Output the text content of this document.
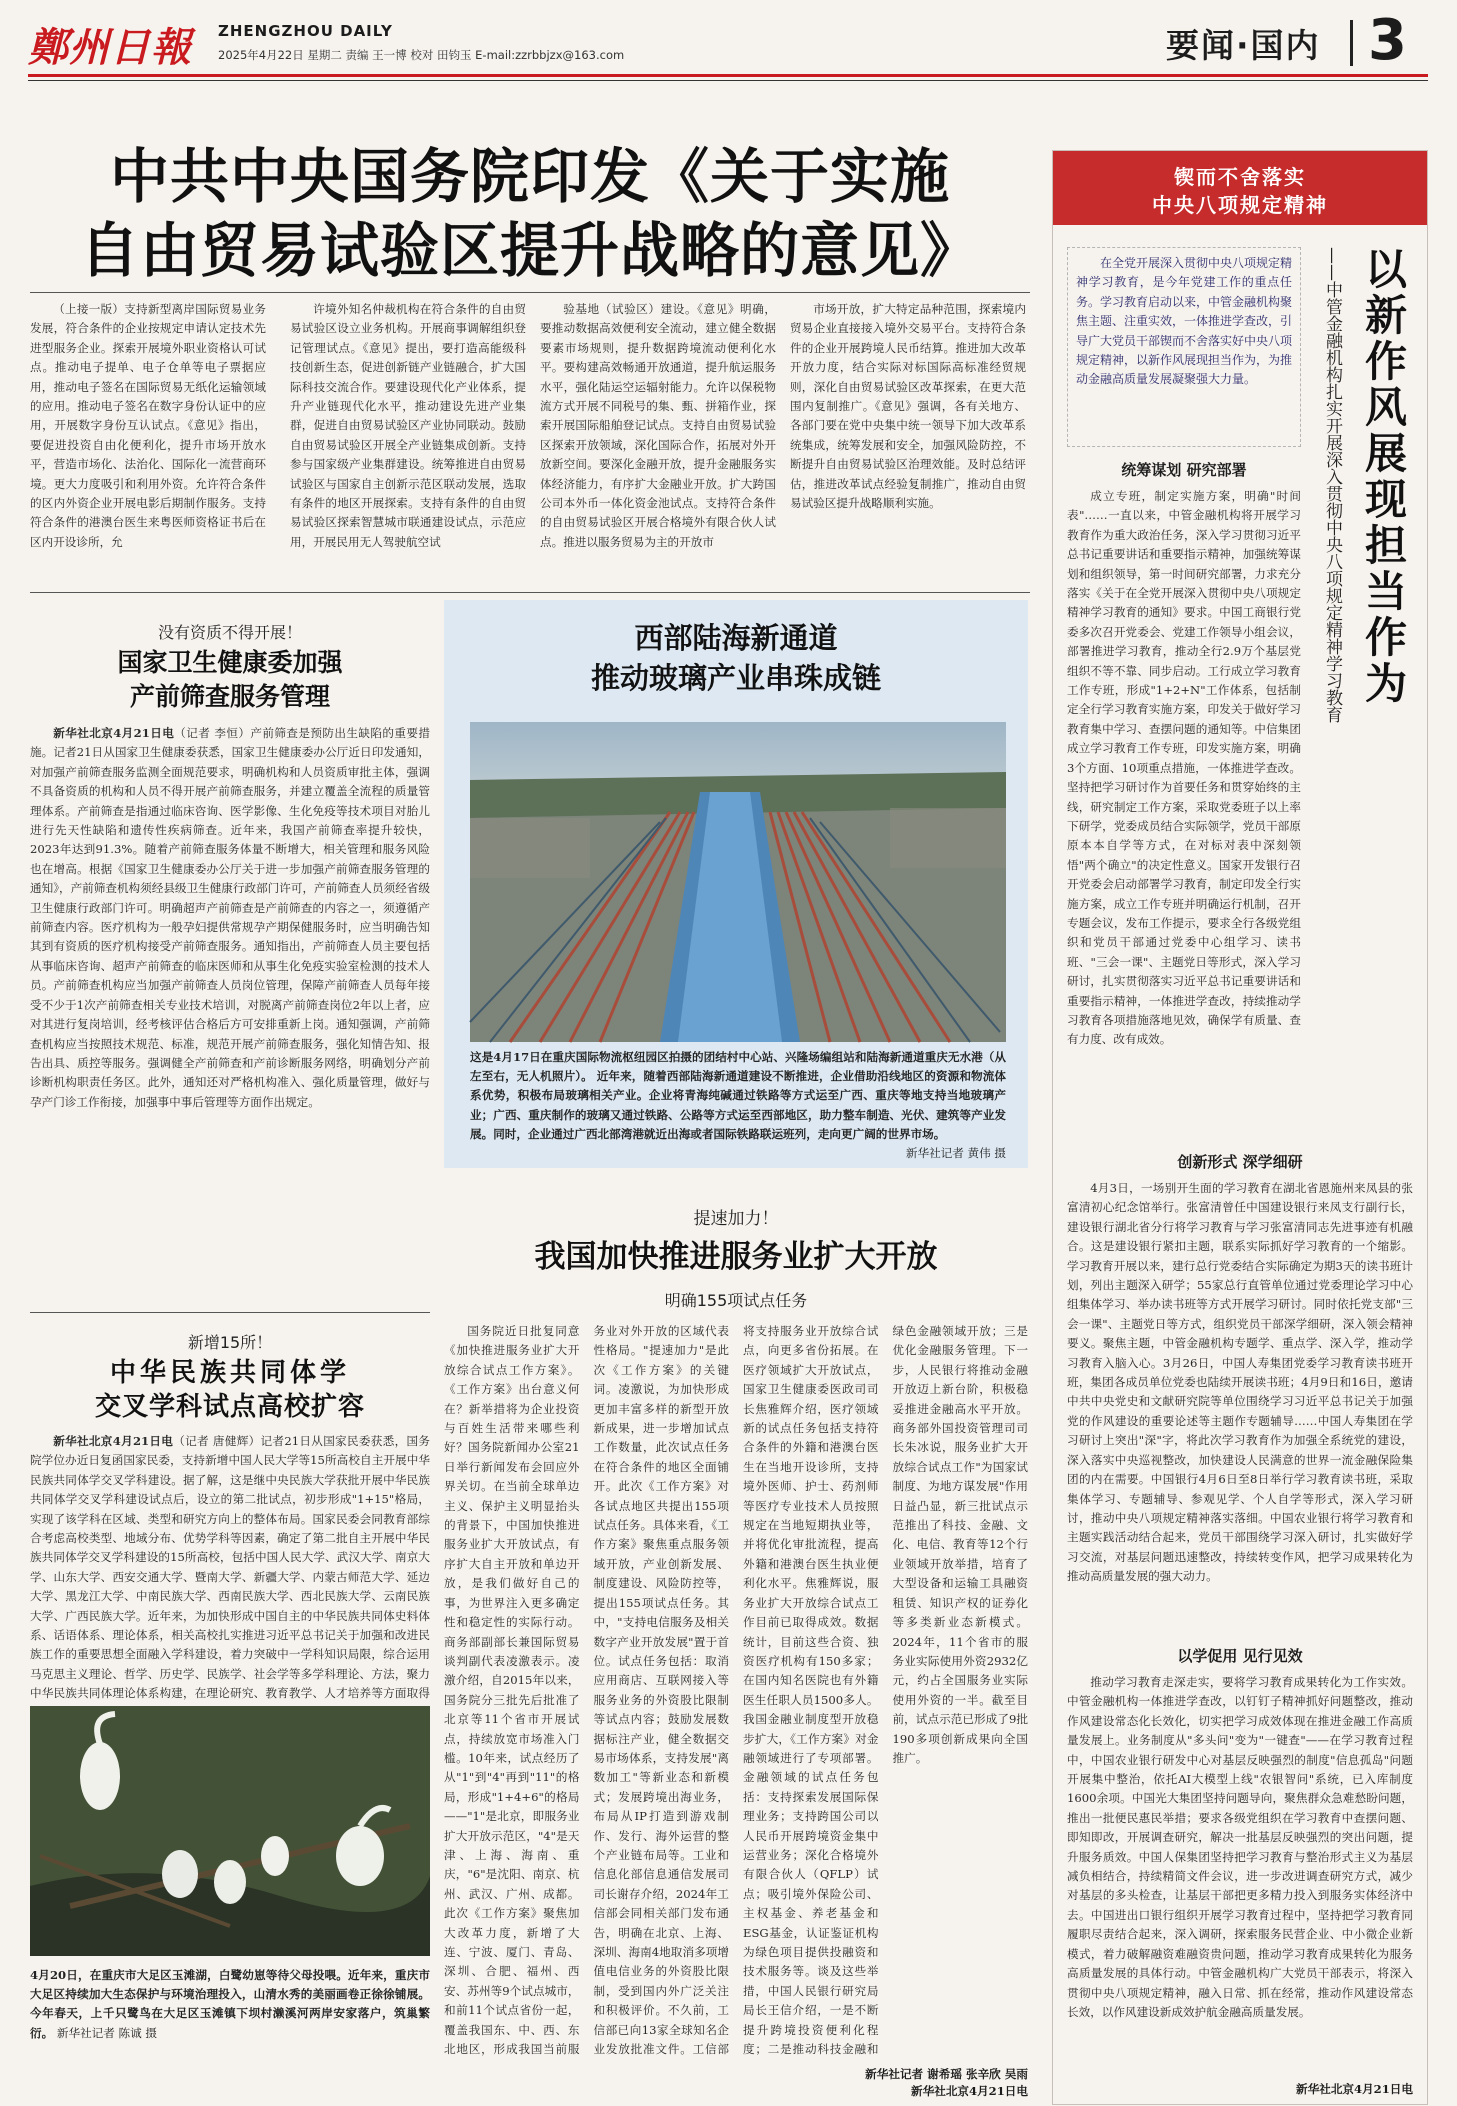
鄭州日報 ZHENGZHOU DAILY
2025年4月22日 星期二 责编 王一博 校对 田钧玉 E-mail:zzrbbjzx@163.com	要闻·国内 3
中共中央国务院印发《关于实施
自由贸易试验区提升战略的意见》
（上接一版）支持新型离岸国际贸易业务发展，符合条件的企业按规定申请认定技术先进型服务企业。探索开展境外职业资格认可试点。推动电子提单、电子仓单等电子票据应用，推动电子签名在国际贸易无纸化运输领域的应用。推动电子签名在数字身份认证中的应用，开展数字身份互认试点。《意见》指出，要促进投资自由化便利化，提升市场开放水平，营造市场化、法治化、国际化一流营商环境。更大力度吸引和利用外资。允许符合条件的区内外资企业开展电影后期制作服务。支持符合条件的港澳台医生来粤医师资格证书后在区内开设诊所，允
许境外知名仲裁机构在符合条件的自由贸易试验区设立业务机构。开展商事调解组织登记管理试点。《意见》提出，要打造高能级科技创新生态，促进创新链产业链融合，扩大国际科技交流合作。要建设现代化产业体系，提升产业链现代化水平，推动建设先进产业集群，促进自由贸易试验区产业协同联动。鼓励自由贸易试验区开展全产业链集成创新。支持参与国家级产业集群建设。统筹推进自由贸易试验区与国家自主创新示范区联动发展，选取有条件的地区开展探索。支持有条件的自由贸易试验区探索智慧城市联通建设试点，示范应用，开展民用无人驾驶航空试
验基地（试验区）建设。《意见》明确，要推动数据高效便利安全流动，建立健全数据要素市场规则，提升数据跨境流动便利化水平。要构建高效畅通开放通道，提升航运服务水平，强化陆运空运辐射能力。允许以保税物流方式开展不同税号的集、甄、拼箱作业，探索开展国际船舶登记试点。支持自由贸易试验区探索开放领域，深化国际合作，拓展对外开放新空间。要深化金融开放，提升金融服务实体经济能力，有序扩大金融业开放。扩大跨国公司本外币一体化资金池试点。支持符合条件的自由贸易试验区开展合格境外有限合伙人试点。推进以服务贸易为主的开放市
市场开放，扩大特定品种范围，探索境内贸易企业直接接入境外交易平台。支持符合条件的企业开展跨境人民币结算。推进加大改革开放力度，结合实际对标国际高标准经贸规则，深化自由贸易试验区改革探索，在更大范围内复制推广。《意见》强调，各有关地方、各部门要在党中央集中统一领导下加大改革系统集成，统筹发展和安全，加强风险防控，不断提升自由贸易试验区治理效能。及时总结评估，推进改革试点经验复制推广，推动自由贸易试验区提升战略顺利实施。
锲而不舍落实
中央八项规定精神
在全党开展深入贯彻中央八项规定精神学习教育，是今年党建工作的重点任务。学习教育启动以来，中管金融机构聚焦主题、注重实效，一体推进学查改，引导广大党员干部锲而不舍落实好中央八项规定精神，以新作风展现担当作为，为推动金融高质量发展凝聚强大力量。	以新作风展现担当作为
——中管金融机构扎实开展深入贯彻中央八项规定精神学习教育
统筹谋划 研究部署
成立专班，制定实施方案，明确"时间表"……一直以来，中管金融机构将开展学习教育作为重大政治任务，深入学习贯彻习近平总书记重要讲话和重要指示精神，加强统筹谋划和组织领导，第一时间研究部署，力求充分落实《关于在全党开展深入贯彻中央八项规定精神学习教育的通知》要求。中国工商银行党委多次召开党委会、党建工作领导小组会议，部署推进学习教育，推动全行2.9万个基层党组织不等不靠、同步启动。工行成立学习教育工作专班，形成"1+2+N"工作体系，包括制定全行学习教育实施方案，印发关于做好学习教育集中学习、查摆问题的通知等。中信集团成立学习教育工作专班，印发实施方案，明确3个方面、10项重点措施，一体推进学查改。坚持把学习研讨作为首要任务和贯穿始终的主线，研究制定工作方案，采取党委班子以上率下研学，党委成员结合实际领学，党员干部原原本本自学等方式，在对标对表中深刻领悟"两个确立"的决定性意义。国家开发银行召开党委会启动部署学习教育，制定印发全行实施方案，成立工作专班并明确运行机制，召开专题会议，发布工作提示，要求全行各级党组织和党员干部通过党委中心组学习、读书班、"三会一课"、主题党日等形式，深入学习研讨，扎实贯彻落实习近平总书记重要讲话和重要指示精神，一体推进学查改，持续推动学习教育各项措施落地见效，确保学有质量、查有力度、改有成效。
创新形式 深学细研
4月3日，一场别开生面的学习教育在湖北省恩施州来凤县的张富清初心纪念馆举行。张富清曾任中国建设银行来凤支行副行长，建设银行湖北省分行将学习教育与学习张富清同志先进事迹有机融合。这是建设银行紧扣主题，联系实际抓好学习教育的一个缩影。学习教育开展以来，建行总行党委结合实际确定为期3天的读书班计划，列出主题深入研学；55家总行直管单位通过党委理论学习中心组集体学习、举办读书班等方式开展学习研讨。同时依托党支部"三会一课"、主题党日等方式，组织党员干部深学细研，深入领会精神要义。聚焦主题，中管金融机构专题学、重点学、深入学，推动学习教育入脑入心。3月26日，中国人寿集团党委学习教育读书班开班，集团各成员单位党委也陆续开展读书班；4月9日和16日，邀请中共中央党史和文献研究院等单位围绕学习习近平总书记关于加强党的作风建设的重要论述等主题作专题辅导……中国人寿集团在学习研讨上突出"深"字，将此次学习教育作为加强全系统党的建设，深入落实中央巡视整改，加快建设人民满意的世界一流金融保险集团的内在需要。中国银行4月6日至8日举行学习教育读书班，采取集体学习、专题辅导、参观见学、个人自学等形式，深入学习研讨，推动中央八项规定精神落实落细。中国农业银行将学习教育和主题实践活动结合起来，党员干部围绕学习深入研讨，扎实做好学习交流，对基层问题迅速整改，持续转变作风，把学习成果转化为推动高质量发展的强大动力。
以学促用 见行见效
推动学习教育走深走实，要将学习教育成果转化为工作实效。中管金融机构一体推进学查改，以钉钉子精神抓好问题整改，推动作风建设常态化长效化，切实把学习成效体现在推进金融工作高质量发展上。业务制度从"多头问"变为"一键查"——在学习教育过程中，中国农业银行研发中心对基层反映强烈的制度"信息孤岛"问题开展集中整治，依托AI大模型上线"农银智问"系统，已入库制度1600余项。中国光大集团坚持问题导向，聚焦群众急难愁盼问题，推出一批便民惠民举措；要求各级党组织在学习教育中查摆问题、即知即改，开展调查研究，解决一批基层反映强烈的突出问题，提升服务质效。中国人保集团坚持把学习教育与整治形式主义为基层减负相结合，持续精简文件会议，进一步改进调查研究方式，减少对基层的多头检查，让基层干部把更多精力投入到服务实体经济中去。中国进出口银行组织开展学习教育过程中，坚持把学习教育同履职尽责结合起来，深入调研，探索服务民营企业、中小微企业新模式，着力破解融资难融资贵问题，推动学习教育成果转化为服务高质量发展的具体行动。中管金融机构广大党员干部表示，将深入贯彻中央八项规定精神，融入日常、抓在经常，推动作风建设常态长效，以作风建设新成效护航金融高质量发展。
新华社北京4月21日电
没有资质不得开展！
国家卫生健康委加强
产前筛查服务管理
新华社北京4月21日电（记者 李恒）产前筛查是预防出生缺陷的重要措施。记者21日从国家卫生健康委获悉，国家卫生健康委办公厅近日印发通知，对加强产前筛查服务监测全面规范要求，明确机构和人员资质审批主体，强调不具备资质的机构和人员不得开展产前筛查服务，并建立覆盖全流程的质量管理体系。产前筛查是指通过临床咨询、医学影像、生化免疫等技术项目对胎儿进行先天性缺陷和遗传性疾病筛查。近年来，我国产前筛查率提升较快，2023年达到91.3%。随着产前筛查服务体量不断增大，相关管理和服务风险也在增高。根据《国家卫生健康委办公厅关于进一步加强产前筛查服务管理的通知》，产前筛查机构须经县级卫生健康行政部门许可，产前筛查人员须经省级卫生健康行政部门许可。明确超声产前筛查是产前筛查的内容之一，须遵循产前筛查内容。医疗机构为一般孕妇提供常规孕产期保健服务时，应当明确告知其到有资质的医疗机构接受产前筛查服务。通知指出，产前筛查人员主要包括从事临床咨询、超声产前筛查的临床医师和从事生化免疫实验室检测的技术人员。产前筛查机构应当加强产前筛查人员岗位管理，保障产前筛查人员每年接受不少于1次产前筛查相关专业技术培训，对脱离产前筛查岗位2年以上者，应对其进行复岗培训，经考核评估合格后方可安排重新上岗。通知强调，产前筛查机构应当按照技术规范、标准，规范开展产前筛查服务，强化知情告知、报告出具、质控等服务。强调健全产前筛查和产前诊断服务网络，明确划分产前诊断机构职责任务区。此外，通知还对严格机构准入、强化质量管理，做好与孕产门诊工作衔接，加强事中事后管理等方面作出规定。
西部陆海新通道
推动玻璃产业串珠成链
这是4月17日在重庆国际物流枢纽园区拍摄的团结村中心站、兴隆场编组站和陆海新通道重庆无水港（从左至右，无人机照片）。 近年来，随着西部陆海新通道建设不断推进，企业借助沿线地区的资源和物流体系优势，积极布局玻璃相关产业。企业将青海纯碱通过铁路等方式运至广西、重庆等地支持当地玻璃产业；广西、重庆制作的玻璃又通过铁路、公路等方式运至西部地区，助力整车制造、光伏、建筑等产业发展。同时，企业通过广西北部湾港就近出海或者国际铁路联运班列，走向更广阔的世界市场。
新华社记者 黄伟 摄
新增15所！
中华民族共同体学
交叉学科试点高校扩容
新华社北京4月21日电（记者 唐健辉）记者21日从国家民委获悉，国务院学位办近日复函国家民委，支持新增中国人民大学等15所高校自主开展中华民族共同体学交叉学科建设。据了解，这是继中央民族大学获批开展中华民族共同体学交叉学科建设试点后，设立的第二批试点，初步形成"1+15"格局，实现了该学科在区域、类型和研究方向上的整体布局。国家民委会同教育部综合考虑高校类型、地域分布、优势学科等因素，确定了第二批自主开展中华民族共同体学交叉学科建设的15所高校，包括中国人民大学、武汉大学、南京大学、山东大学、西安交通大学、暨南大学、新疆大学、内蒙古师范大学、延边大学、黑龙江大学、中南民族大学、西南民族大学、西北民族大学、云南民族大学、广西民族大学。近年来，为加快形成中国自主的中华民族共同体史料体系、话语体系、理论体系，相关高校扎实推进习近平总书记关于加强和改进民族工作的重要思想全面融入学科建设，着力突破中一学科知识局限，综合运用马克思主义理论、哲学、历史学、民族学、社会学等多学科理论、方法，聚力中华民族共同体理论体系构建，在理论研究、教育教学、人才培养等方面取得
提速加力！
我国加快推进服务业扩大开放
明确155项试点任务
国务院近日批复同意《加快推进服务业扩大开放综合试点工作方案》。《工作方案》出台意义何在？新举措将为企业投资与百姓生活带来哪些利好？国务院新闻办公室21日举行新闻发布会回应外界关切。在当前全球单边主义、保护主义明显抬头的背景下，中国加快推进服务业扩大开放试点，有序扩大自主开放和单边开放，是我们做好自己的事，为世界注入更多确定性和稳定性的实际行动。商务部副部长兼国际贸易谈判副代表凌激表示。凌激介绍，自2015年以来，国务院分三批先后批准了北京等11个省市开展试点，持续放宽市场准入门槛。10年来，试点经历了从"1"到"4"再到"11"的格局，形成"1+4+6"的格局——"1"是北京，即服务业扩大开放示范区，"4"是天津、上海、海南、重庆，"6"是沈阳、南京、杭州、武汉、广州、成都。此次《工作方案》聚焦加大改革力度，新增了大连、宁波、厦门、青岛、深圳、合肥、福州、西安、苏州等9个试点城市，和前11个试点省份一起，覆盖我国东、中、西、东北地区，形成我国当前服务业对外开放的区域代表性格局。"提速加力"是此次《工作方案》的关键词。凌激说，为加快形成更加丰富多样的新型开放新成果，进一步增加试点工作数量，此次试点任务在符合条件的地区全面铺开。此次《工作方案》对各试点地区共提出155项试点任务。具体来看，《工作方案》聚焦重点服务领域开放，产业创新发展、制度建设、风险防控等，提出155项试点任务。其中，"支持电信服务及相关数字产业开放发展"置于首位。试点任务包括：取消应用商店、互联网接入等服务业务的外资股比限制等试点内容；鼓励发展数据标注产业，健全数据交易市场体系，支持发展"离数加工"等新业态和新模式；发展跨境出海业务，布局从IP打造到游戏制作、发行、海外运营的整个产业链布局等。工业和信息化部信息通信发展司司长谢存介绍，2024年工信部会同相关部门发布通告，明确在北京、上海、深圳、海南4地取消多项增值电信业务的外资股比限制，受到国内外广泛关注和积极评价。不久前，工信部已向13家全球知名企业发放批准文件。工信部将支持服务业开放综合试点，向更多省份拓展。在医疗领域扩大开放试点，国家卫生健康委医政司司长焦雅辉介绍，医疗领域新的试点任务包括支持符合条件的外籍和港澳台医生在当地开设诊所，支持境外医师、护士、药剂师等医疗专业技术人员按照规定在当地短期执业等，并将优化审批流程，提高外籍和港澳台医生执业便利化水平。焦雅辉说，服务业扩大开放综合试点工作目前已取得成效。数据统计，目前这些合资、独资医疗机构有150多家；在国内知名医院也有外籍医生任职人员1500多人。我国金融业制度型开放稳步扩大，《工作方案》对金融领域进行了专项部署。金融领域的试点任务包括：支持探索发展国际保理业务；支持跨国公司以人民币开展跨境资金集中运营业务；深化合格境外有限合伙人（QFLP）试点；吸引境外保险公司、主权基金、养老基金和ESG基金，认证鉴证机构为绿色项目提供投融资和技术服务等。谈及这些举措，中国人民银行研究局局长王信介绍，一是不断提升跨境投资便利化程度；二是推动科技金融和绿色金融领域开放；三是优化金融服务管理。下一步，人民银行将推动金融开放迈上新台阶，积极稳妥推进金融高水平开放。商务部外国投资管理司司长朱冰说，服务业扩大开放综合试点工作"为国家试制度、为地方谋发展"作用日益凸显，新三批试点示范推出了科技、金融、文化、电信、教育等12个行业领域开放举措，培育了大型设备和运输工具融资租赁、知识产权的证券化等多类新业态新模式。2024年，11个省市的服务业实际使用外资2932亿元，约占全国服务业实际使用外资的一半。截至目前，试点示范已形成了9批190多项创新成果向全国推广。
新华社记者 谢希瑶 张辛欣 吴雨
新华社北京4月21日电
4月20日，在重庆市大足区玉滩湖，白鹭幼崽等待父母投喂。近年来，重庆市大足区持续加大生态保护与环境治理投入，山清水秀的美丽画卷正徐徐铺展。今年春天，上千只鹭鸟在大足区玉滩镇下坝村濑溪河两岸安家落户，筑巢繁衍。 新华社记者 陈诚 摄
